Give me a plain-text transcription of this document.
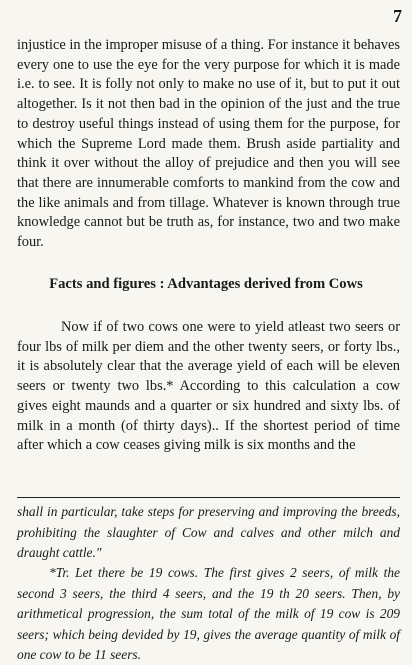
7

injustice in the improper misuse of a thing. For instance it behaves every one to use the eye for the very purpose for which it is made i.e. to see. It is folly not only to make no use of it, but to put it out altogether. Is it not then bad in the opinion of the just and the true to destroy useful things instead of using them for the purpose, for which the Supreme Lord made them. Brush aside partiality and think it over without the alloy of prejudice and then you will see that there are innumerable comforts to mankind from the cow and the like animals and from tillage. Whatever is known through true knowledge cannot but be truth as, for instance, two and two make four.

Facts and figures : Advantages derived from Cows

Now if of two cows one were to yield atleast two seers or four lbs of milk per diem and the other twenty seers, or forty lbs., it is absolutely clear that the average yield of each will be eleven seers or twenty two lbs.* According to this calculation a cow gives eight maunds and a quarter or six hundred and sixty lbs. of milk in a month (of thirty days).. If the shortest period of time after which a cow ceases giving milk is six months and the

shall in particular, take steps for preserving and improving the breeds, prohibiting the slaughter of Cow and calves and other milch and draught cattle."

*Tr. Let there be 19 cows. The first gives 2 seers, of milk the second 3 seers, the third 4 seers, and the 19 th 20 seers. Then, by arithmetical progression, the sum total of the milk of 19 cow is 209 seers; which being devided by 19, gives the average quantity of milk of one cow to be 11 seers.
